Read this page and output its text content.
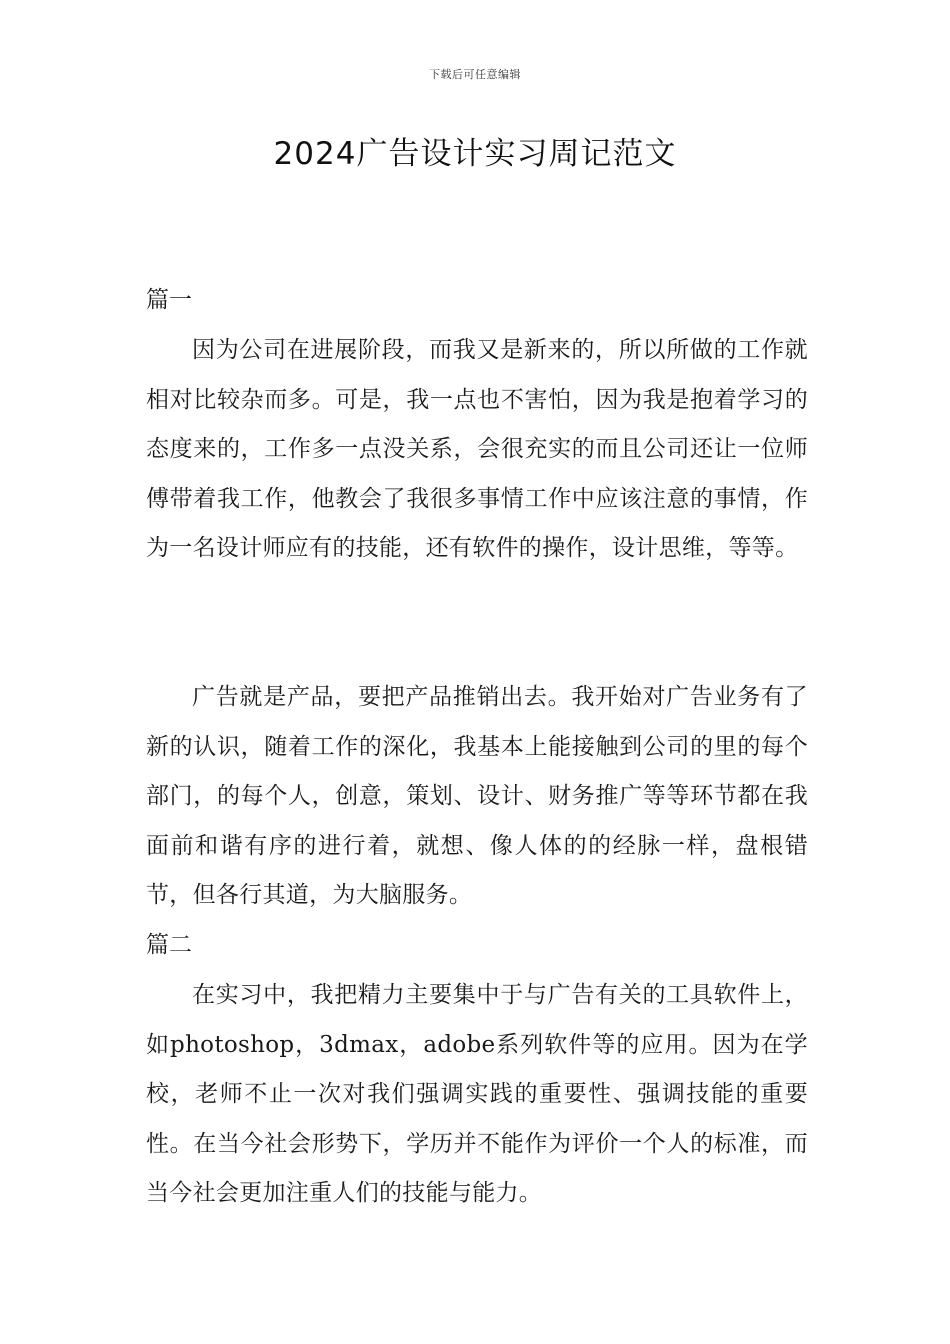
下载后可任意编辑
2024广告设计实习周记范文
篇一

因为公司在进展阶段，而我又是新来的，所以所做的工作就相对比较杂而多。可是，我一点也不害怕，因为我是抱着学习的态度来的，工作多一点没关系，会很充实的而且公司还让一位师傅带着我工作，他教会了我很多事情工作中应该注意的事情，作为一名设计师应有的技能，还有软件的操作，设计思维，等等。

广告就是产品，要把产品推销出去。我开始对广告业务有了新的认识，随着工作的深化，我基本上能接触到公司的里的每个部门，的每个人，创意，策划、设计、财务推广等等环节都在我面前和谐有序的进行着，就想、像人体的的经脉一样，盘根错节，但各行其道，为大脑服务。

篇二

在实习中，我把精力主要集中于与广告有关的工具软件上，如photoshop，3dmax，adobe系列软件等的应用。因为在学校，老师不止一次对我们强调实践的重要性、强调技能的重要性。在当今社会形势下，学历并不能作为评价一个人的标准，而当今社会更加注重人们的技能与能力。
